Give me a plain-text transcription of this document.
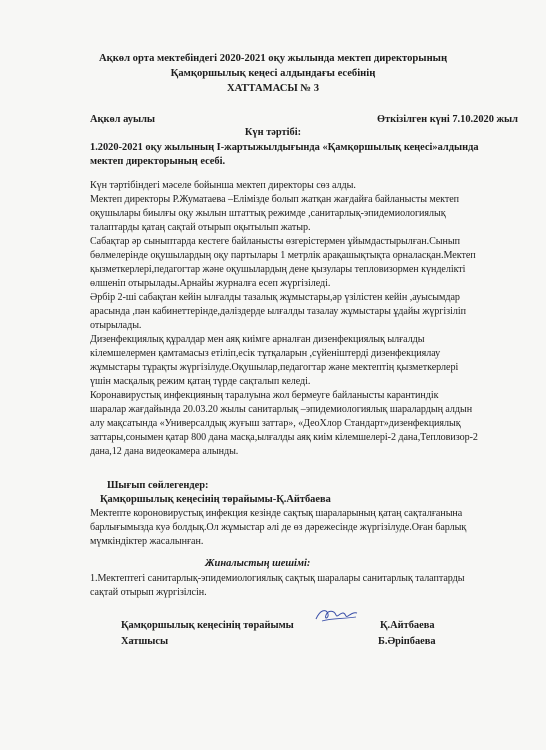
Ақкөл орта мектебіндегі 2020-2021 оқу жылында мектеп директорының
Қамқоршылық кеңесі алдындағы есебінің
ХАТТАМАСЫ № 3
Ақкөл ауылы	Өткізілген күні 7.10.2020 жыл
Күн тәртібі:
1.2020-2021 оқу жылының І-жартыжылдығында «Қамқоршылық кеңесі»алдында
мектеп директорының есебі.
Күн тәртібіндегі мәселе бойынша мектеп директоры сөз алды.
Мектеп директоры Р.Жуматаева –Елімізде болып жатқан жағдайға байланысты мектеп
оқушылары биылғы оқу жылын штаттық режимде ,санитарлық-эпидемиологиялық
талаптарды қатаң сақтай отырып оқытылып жатыр.
Сабақтар әр сыныптарда кестеге байланысты өзгерістермен ұйымдастырылған.Сынып
бөлмелерінде оқушылардың оқу партылары 1 метрлік арақашықтықта орналасқан.Мектеп
қызметкерлері,педагогтар және оқушылардың дене қызулары тепловизормен күнделікті
өлшеніп отырылады.Арнайы журналға есеп жүргізіледі.
Әрбір 2-ші сабақтан кейін ылғалды тазалық жұмыстары,әр үзілістен кейін ,ауысымдар
арасында ,пән кабинеттерінде,дәліздерде ылғалды тазалау жұмыстары ұдайы жүргізіліп
отырылады.
Дизенфекциялық құралдар мен аяқ киімге арналған дизенфекциялық ылғалды
кілемшелермен қамтамасыз етіліп,есік тұтқаларын ,сүйеніштерді дизенфекциялау
жұмыстары тұрақты жүргізілуде.Оқушылар,педагогтар және мектептің қызметкерлері
үшін масқалық режим қатаң түрде сақталып келеді.
Коронавирустық инфекцияның таралуына жол бермеуге байланысты карантиндік
шаралар жағдайында 20.03.20 жылы санитарлық –эпидемиологиялық шаралардың алдын
алу мақсатында «Универсалдық жуғыш заттар», «ДеоХлор Стандарт»дизенфекциялық
заттары,сонымен қатар 800 дана масқа,ылғалды аяқ киім кілемшелері-2 дана,Тепловизор-2
дана,12 дана видеокамера алынды.
Шығып сөйлегендер:
Қамқоршылық кеңесінің төрайымы-Қ.Айтбаева
Мектепте короновирустық инфекция кезінде сақтық шараларының қатаң сақталғанына
барлығымызда куә болдық.Ол жұмыстар әлі де өз дәрежесінде жүргізілуде.Оған барлық
мүмкіндіктер жасалынған.
Жиналыстың шешімі:
1.Мектептегі санитарлық-эпидемиологиялық сақтық шаралары санитарлық талаптарды
сақтай отырып жүргізілсін.
Қамқоршылық кеңесінің төрайымы	Қ.Айтбаева
Хатшысы	Б.Әріпбаева
